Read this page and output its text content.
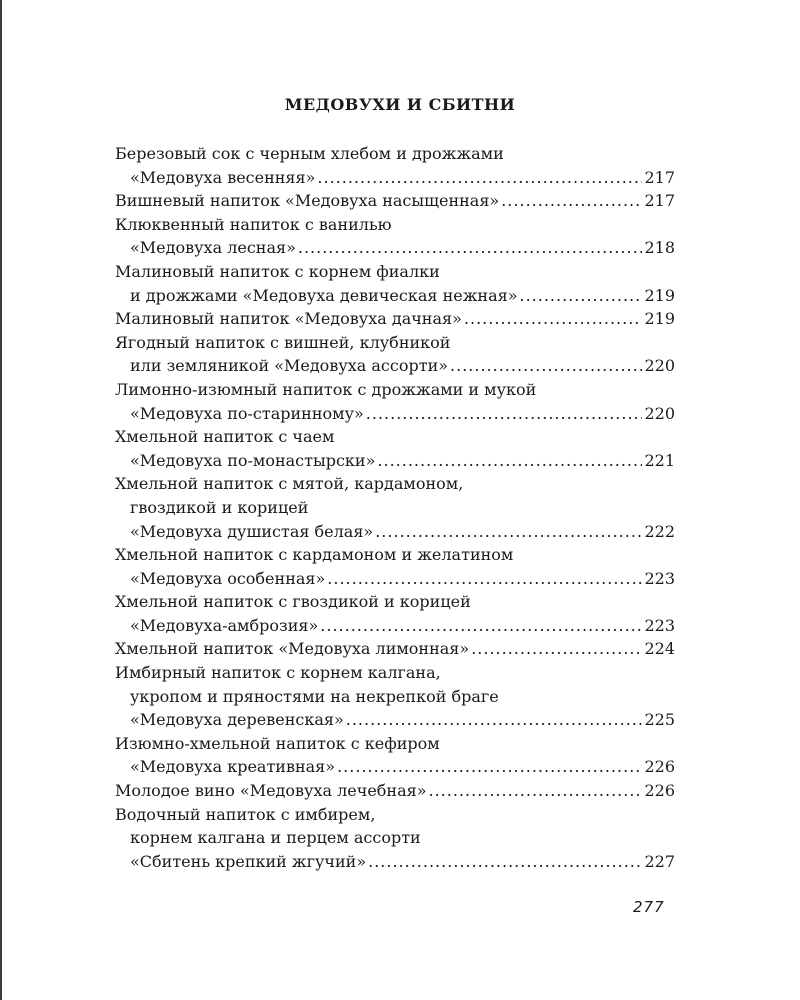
МЕДОВУХИ И СБИТНИ
Березовый сок с черным хлебом и дрожжами
«Медовуха весенняя» .....	217
Вишневый напиток «Медовуха насыщенная» .....	217
Клюквенный напиток с ванилью
«Медовуха лесная» .....	218
Малиновый напиток с корнем фиалки
и дрожжами «Медовуха девическая нежная» .....	219
Малиновый напиток «Медовуха дачная» .....	219
Ягодный напиток с вишней, клубникой
или земляникой «Медовуха ассорти» .....	220
Лимонно-изюмный напиток с дрожжами и мукой
«Медовуха по-старинному» .....	220
Хмельной напиток с чаем
«Медовуха по-монастырски» .....	221
Хмельной напиток с мятой, кардамоном,
гвоздикой и корицей
«Медовуха душистая белая» .....	222
Хмельной напиток с кардамоном и желатином
«Медовуха особенная» .....	223
Хмельной напиток с гвоздикой и корицей
«Медовуха-амброзия» .....	223
Хмельной напиток «Медовуха лимонная» .....	224
Имбирный напиток с корнем калгана,
укропом и пряностями на некрепкой браге
«Медовуха деревенская» .....	225
Изюмно-хмельной напиток с кефиром
«Медовуха креативная» .....	226
Молодое вино «Медовуха лечебная» .....	226
Водочный напиток с имбирем,
корнем калгана и перцем ассорти
«Сбитень крепкий жгучий» .....	227
277
